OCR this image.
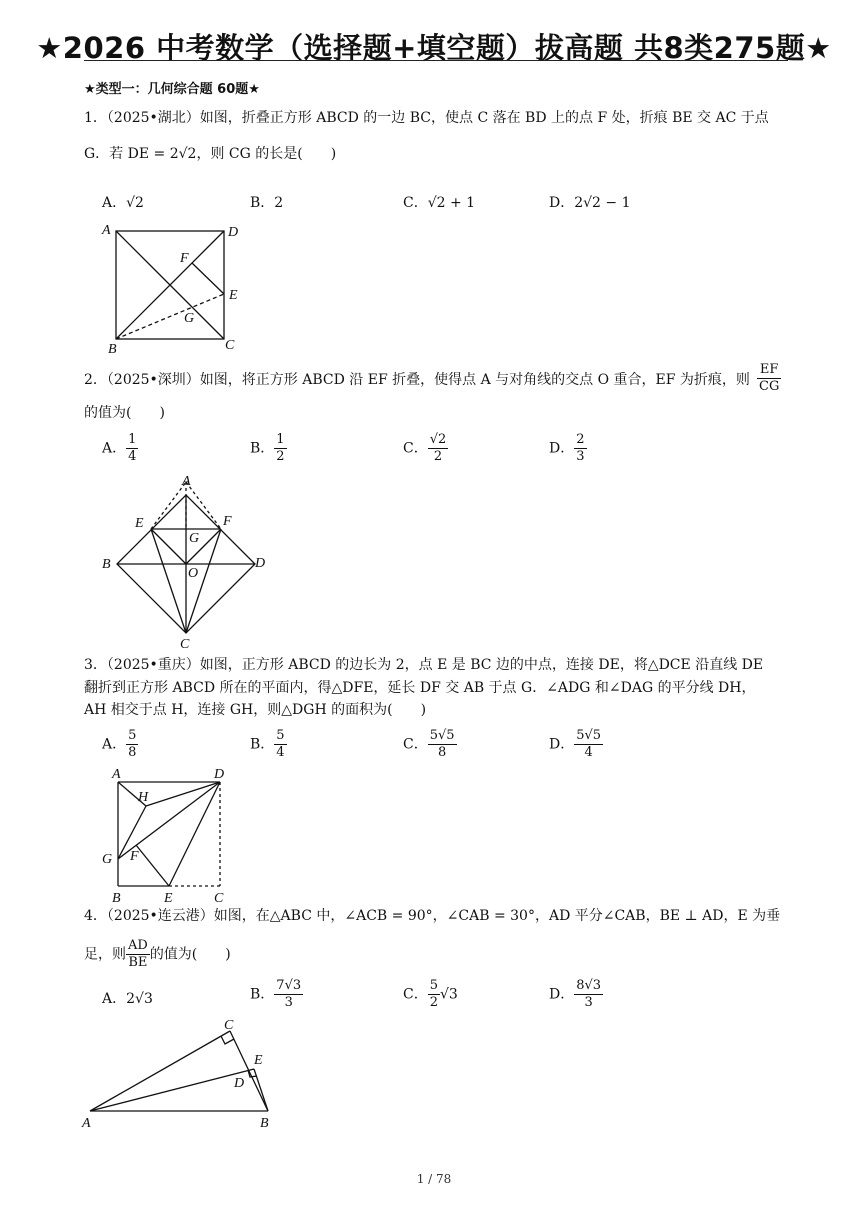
★2026 中考数学（选择题+填空题）拔高题 共8类275题★
★类型一：几何综合题 60题★
1．（2025•湖北）如图，折叠正方形 ABCD 的一边 BC，使点 C 落在 BD 上的点 F 处，折痕 BE 交 AC 于点
G．若 DE = 2√2，则 CG 的长是(　　)
A．√2	B．2	C．√2 + 1	D．2√2 − 1
A	D
F
E
G
B	C
2．（2025•深圳）如图，将正方形 ABCD 沿 EF 折叠，使得点 A 与对角线的交点 O 重合，EF 为折痕，则 $\frac{EF}{CG}$
的值为(　　)
A． $\frac{1}{4}$	B． $\frac{1}{2}$	C． $\frac{√2}{2}$	D． $\frac{2}{3}$
A
E	F
G
B	D
O
C
3．（2025•重庆）如图，正方形 ABCD 的边长为 2，点 E 是 BC 边的中点，连接 DE，将△DCE 沿直线 DE
翻折到正方形 ABCD 所在的平面内，得△DFE，延长 DF 交 AB 于点 G．∠ADG 和∠DAG 的平分线 DH，
AH 相交于点 H，连接 GH，则△DGH 的面积为(　　)
A． $\frac{5}{8}$	B． $\frac{5}{4}$	C． $\frac{5√5}{8}$	D． $\frac{5√5}{4}$
A	D
H
F
G
B	E	C
4．（2025•连云港）如图，在△ABC 中，∠ACB = 90°，∠CAB = 30°，AD 平分∠CAB，BE ⊥ AD，E 为垂
足，则 $\frac{AD}{BE}$ 的值为(　　)
A．2√3	B． $\frac{7√3}{3}$	C． $\frac{5}{2} √3$	D． $\frac{8√3}{3}$
C
E
D
A	B
1 / 78
